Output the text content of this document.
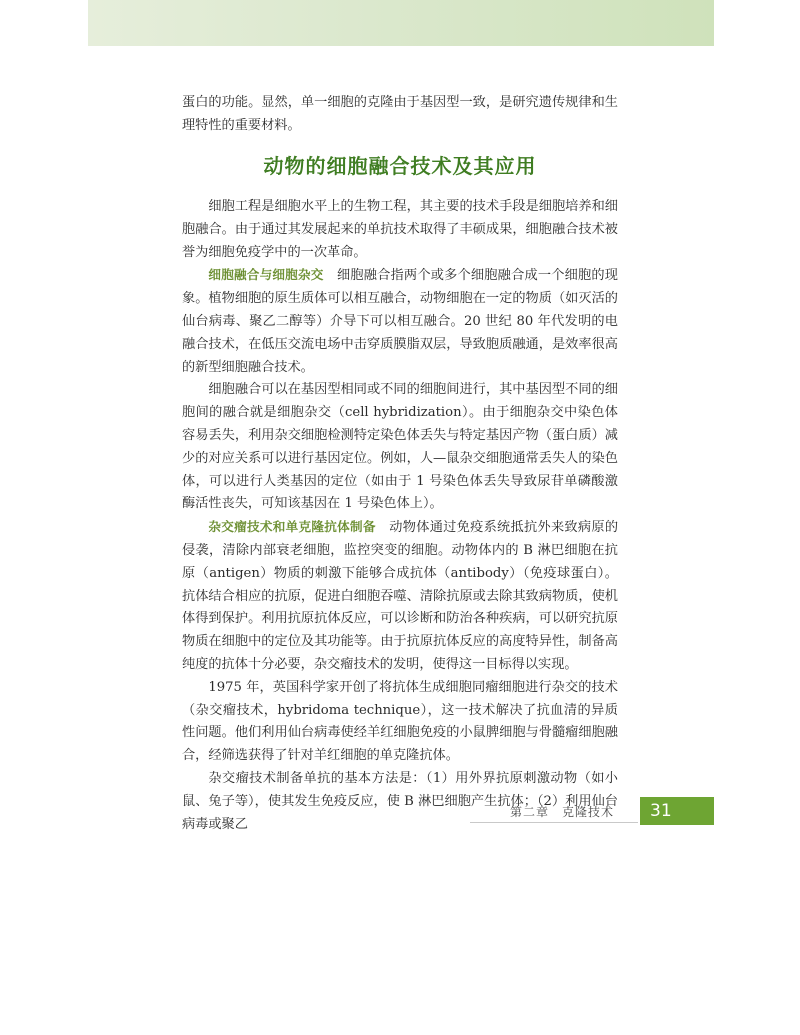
蛋白的功能。显然，单一细胞的克隆由于基因型一致，是研究遗传规律和生理特性的重要材料。

动物的细胞融合技术及其应用

细胞工程是细胞水平上的生物工程，其主要的技术手段是细胞培养和细胞融合。由于通过其发展起来的单抗技术取得了丰硕成果，细胞融合技术被誉为细胞免疫学中的一次革命。

细胞融合与细胞杂交  细胞融合指两个或多个细胞融合成一个细胞的现象。植物细胞的原生质体可以相互融合，动物细胞在一定的物质（如灭活的仙台病毒、聚乙二醇等）介导下可以相互融合。20 世纪 80 年代发明的电融合技术，在低压交流电场中击穿质膜脂双层，导致胞质融通，是效率很高的新型细胞融合技术。

细胞融合可以在基因型相同或不同的细胞间进行，其中基因型不同的细胞间的融合就是细胞杂交（cell hybridization）。由于细胞杂交中染色体容易丢失，利用杂交细胞检测特定染色体丢失与特定基因产物（蛋白质）减少的对应关系可以进行基因定位。例如，人—鼠杂交细胞通常丢失人的染色体，可以进行人类基因的定位（如由于 1 号染色体丢失导致尿苷单磷酸激酶活性丧失，可知该基因在 1 号染色体上）。

杂交瘤技术和单克隆抗体制备  动物体通过免疫系统抵抗外来致病原的侵袭，清除内部衰老细胞，监控突变的细胞。动物体内的 B 淋巴细胞在抗原（antigen）物质的刺激下能够合成抗体（antibody）（免疫球蛋白）。抗体结合相应的抗原，促进白细胞吞噬、清除抗原或去除其致病物质，使机体得到保护。利用抗原抗体反应，可以诊断和防治各种疾病，可以研究抗原物质在细胞中的定位及其功能等。由于抗原抗体反应的高度特异性，制备高纯度的抗体十分必要，杂交瘤技术的发明，使得这一目标得以实现。

1975 年，英国科学家开创了将抗体生成细胞同瘤细胞进行杂交的技术（杂交瘤技术，hybridoma technique），这一技术解决了抗血清的异质性问题。他们利用仙台病毒使经羊红细胞免疫的小鼠脾细胞与骨髓瘤细胞融合，经筛选获得了针对羊红细胞的单克隆抗体。

杂交瘤技术制备单抗的基本方法是：（1）用外界抗原刺激动物（如小鼠、兔子等），使其发生免疫反应，使 B 淋巴细胞产生抗体；（2）利用仙台病毒或聚乙

第二章　克隆技术	31
